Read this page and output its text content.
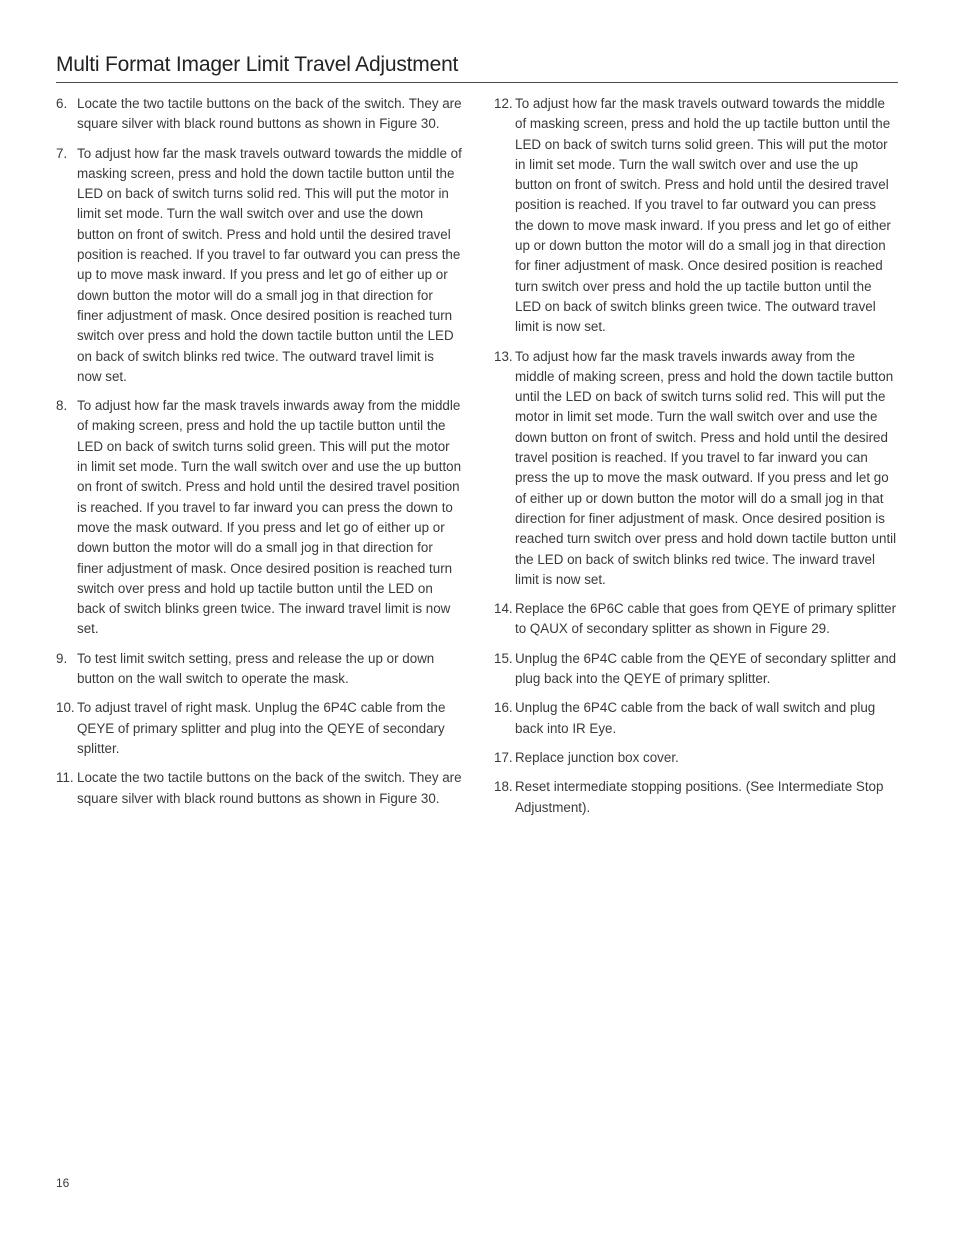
Multi Format Imager Limit Travel Adjustment
6. Locate the two tactile buttons on the back of the switch. They are square silver with black round buttons as shown in Figure 30.
7. To adjust how far the mask travels outward towards the middle of masking screen, press and hold the down tactile button until the LED on back of switch turns solid red. This will put the motor in limit set mode. Turn the wall switch over and use the down button on front of switch. Press and hold until the desired travel position is reached. If you travel to far outward you can press the up to move mask inward. If you press and let go of either up or down button the motor will do a small jog in that direction for finer adjustment of mask. Once desired position is reached turn switch over press and hold the down tactile button until the LED on back of switch blinks red twice. The outward travel limit is now set.
8. To adjust how far the mask travels inwards away from the middle of making screen, press and hold the up tactile button until the LED on back of switch turns solid green. This will put the motor in limit set mode. Turn the wall switch over and use the up button on front of switch. Press and hold until the desired travel position is reached. If you travel to far inward you can press the down to move the mask outward. If you press and let go of either up or down button the motor will do a small jog in that direction for finer adjustment of mask. Once desired position is reached turn switch over press and hold up tactile button until the LED on back of switch blinks green twice. The inward travel limit is now set.
9. To test limit switch setting, press and release the up or down button on the wall switch to operate the mask.
10. To adjust travel of right mask. Unplug the 6P4C cable from the QEYE of primary splitter and plug into the QEYE of secondary splitter.
11. Locate the two tactile buttons on the back of the switch. They are square silver with black round buttons as shown in Figure 30.
12. To adjust how far the mask travels outward towards the middle of masking screen, press and hold the up tactile button until the LED on back of switch turns solid green. This will put the motor in limit set mode. Turn the wall switch over and use the up button on front of switch. Press and hold until the desired travel position is reached. If you travel to far outward you can press the down to move mask inward. If you press and let go of either up or down button the motor will do a small jog in that direction for finer adjustment of mask. Once desired position is reached turn switch over press and hold the up tactile button until the LED on back of switch blinks green twice. The outward travel limit is now set.
13. To adjust how far the mask travels inwards away from the middle of making screen, press and hold the down tactile button until the LED on back of switch turns solid red. This will put the motor in limit set mode. Turn the wall switch over and use the down button on front of switch. Press and hold until the desired travel position is reached. If you travel to far inward you can press the up to move the mask outward. If you press and let go of either up or down button the motor will do a small jog in that direction for finer adjustment of mask. Once desired position is reached turn switch over press and hold down tactile button until the LED on back of switch blinks red twice. The inward travel limit is now set.
14. Replace the 6P6C cable that goes from QEYE of primary splitter to QAUX of secondary splitter as shown in Figure 29.
15. Unplug the 6P4C cable from the QEYE of secondary splitter and plug back into the QEYE of primary splitter.
16. Unplug the 6P4C cable from the back of wall switch and plug back into IR Eye.
17. Replace junction box cover.
18. Reset intermediate stopping positions. (See Intermediate Stop Adjustment).
16
